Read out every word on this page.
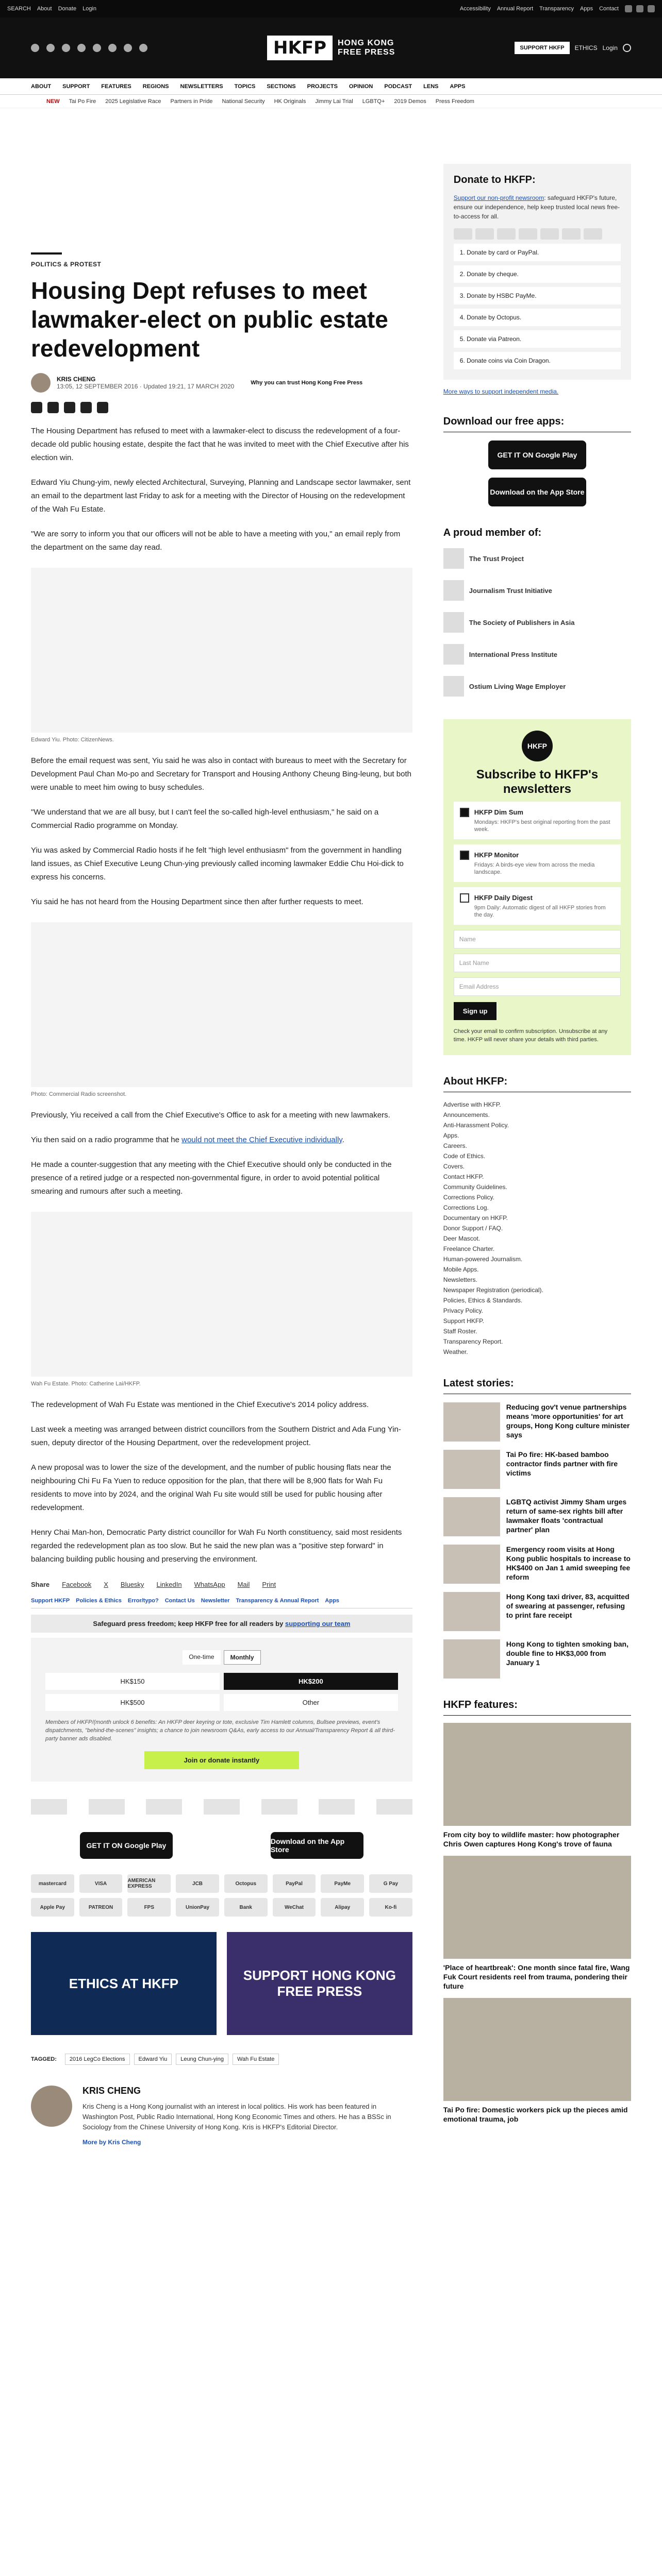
SEARCH About Donate Login	Accessibility Annual Report Transparency Apps Contact
HKFP	HONG KONG
FREE PRESS	SUPPORT HKFP	ETHICS Login
ABOUT SUPPORT FEATURES REGIONS NEWSLETTERS TOPICS SECTIONS PROJECTS OPINION PODCAST LENS APPS
NEW Tai Po Fire 2025 Legislative Race Partners in Pride National Security HK Originals Jimmy Lai Trial LGBTQ+ 2019 Demos Press Freedom
POLITICS & PROTEST
Housing Dept refuses to meet lawmaker-elect on public estate redevelopment
KRIS CHENG
13:05, 12 SEPTEMBER 2016 · Updated 19:21, 17 MARCH 2020	Why you can trust Hong Kong Free Press

The Housing Department has refused to meet with a lawmaker-elect to discuss the redevelopment of a four-decade old public housing estate, despite the fact that he was invited to meet with the Chief Executive after his election win.

Edward Yiu Chung-yim, newly elected Architectural, Surveying, Planning and Landscape sector lawmaker, sent an email to the department last Friday to ask for a meeting with the Director of Housing on the redevelopment of the Wah Fu Estate.

"We are sorry to inform you that our officers will not be able to have a meeting with you," an email reply from the department on the same day read.

Edward Yiu. Photo: CitizenNews.

Before the email request was sent, Yiu said he was also in contact with bureaus to meet with the Secretary for Development Paul Chan Mo-po and Secretary for Transport and Housing Anthony Cheung Bing-leung, but both were unable to meet him owing to busy schedules.

"We understand that we are all busy, but I can't feel the so-called high-level enthusiasm," he said on a Commercial Radio programme on Monday.

Yiu was asked by Commercial Radio hosts if he felt "high level enthusiasm" from the government in handling land issues, as Chief Executive Leung Chun-ying previously called incoming lawmaker Eddie Chu Hoi-dick to express his concerns.

Yiu said he has not heard from the Housing Department since then after further requests to meet.

Photo: Commercial Radio screenshot.

Previously, Yiu received a call from the Chief Executive's Office to ask for a meeting with new lawmakers.

Yiu then said on a radio programme that he would not meet the Chief Executive individually.

He made a counter-suggestion that any meeting with the Chief Executive should only be conducted in the presence of a retired judge or a respected non-governmental figure, in order to avoid potential political smearing and rumours after such a meeting.

Wah Fu Estate. Photo: Catherine Lai/HKFP.

The redevelopment of Wah Fu Estate was mentioned in the Chief Executive's 2014 policy address.

Last week a meeting was arranged between district councillors from the Southern District and Ada Fung Yin-suen, deputy director of the Housing Department, over the redevelopment project.

A new proposal was to lower the size of the development, and the number of public housing flats near the neighbouring Chi Fu Fa Yuen to reduce opposition for the plan, that there will be 8,900 flats for Wah Fu residents to move into by 2024, and the original Wah Fu site would still be used for public housing after redevelopment.

Henry Chai Man-hon, Democratic Party district councillor for Wah Fu North constituency, said most residents regarded the redevelopment plan as too slow. But he said the new plan was a "positive step forward" in balancing building public housing and preserving the environment.

Share Facebook X Bluesky LinkedIn WhatsApp Mail Print
Support HKFP Policies & Ethics Error/typo? Contact Us Newsletter Transparency & Annual Report Apps
Safeguard press freedom; keep HKFP free for all readers by supporting our team
One-time	Monthly
HK$150	HK$200
HK$500	Other
Members of HKFP/(month unlock 6 benefits: An HKFP deer keyring or tote, exclusive Tim Hamlett columns, Bullsee previews, event's dispatchments, "behind-the-scenes" insights; a chance to join newsroom Q&As, early access to our Annual/Transparency Report & all third-party banner ads disabled.
Join or donate instantly
GET IT ON Google Play	Download on the App Store
mastercard	VISA	AMERICAN EXPRESS	JCB	Octopus	PayPal	PayMe	G Pay
Apple Pay	PATREON	FPS	UnionPay	Bank	WeChat	Alipay	Ko-fi
ETHICS AT HKFP
SUPPORT HONG KONG FREE PRESS
TAGGED:	2016 LegCo Elections	Edward Yiu	Leung Chun-ying	Wah Fu Estate
KRIS CHENG

Kris Cheng is a Hong Kong journalist with an interest in local politics. His work has been featured in Washington Post, Public Radio International, Hong Kong Economic Times and others. He has a BSSc in Sociology from the Chinese University of Hong Kong. Kris is HKFP's Editorial Director.

More by Kris Cheng
Donate to HKFP:

Support our non-profit newsroom: safeguard HKFP's future, ensure our independence, help keep trusted local news free-to-access for all.

1. Donate by card or PayPal.
2. Donate by cheque.
3. Donate by HSBC PayMe.
4. Donate by Octopus.
5. Donate via Patreon.
6. Donate coins via Coin Dragon.
More ways to support independent media.
Download our free apps:
GET IT ON Google Play
Download on the App Store
A proud member of:
The Trust Project
Journalism Trust Initiative
The Society of Publishers in Asia
International Press Institute
Ostium Living Wage Employer
HKFP
Subscribe to HKFP's newsletters
HKFP Dim Sum

Mondays: HKFP's best original reporting from the past week.

HKFP Monitor

Fridays: A birds-eye view from across the media landscape.

HKFP Daily Digest

9pm Daily: Automatic digest of all HKFP stories from the day.

Name
Last Name
Email Address
Sign up
Check your email to confirm subscription. Unsubscribe at any time. HKFP will never share your details with third parties.
About HKFP:
Advertise with HKFP.
Announcements.
Anti-Harassment Policy.
Apps.
Careers.
Code of Ethics.
Covers.
Contact HKFP.
Community Guidelines.
Corrections Policy.
Corrections Log.
Documentary on HKFP.
Donor Support / FAQ.
Deer Mascot.
Freelance Charter.
Human-powered Journalism.
Mobile Apps.
Newsletters.
Newspaper Registration (periodical).
Policies, Ethics & Standards.
Privacy Policy.
Support HKFP.
Staff Roster.
Transparency Report.
Weather.
Latest stories:
Reducing gov't venue partnerships means 'more opportunities' for art groups, Hong Kong culture minister says
Tai Po fire: HK-based bamboo contractor finds partner with fire victims
LGBTQ activist Jimmy Sham urges return of same-sex rights bill after lawmaker floats 'contractual partner' plan
Emergency room visits at Hong Kong public hospitals to increase to HK$400 on Jan 1 amid sweeping fee reform
Hong Kong taxi driver, 83, acquitted of swearing at passenger, refusing to print fare receipt
Hong Kong to tighten smoking ban, double fine to HK$3,000 from January 1
HKFP features:
From city boy to wildlife master: how photographer Chris Owen captures Hong Kong's trove of fauna
'Place of heartbreak': One month since fatal fire, Wang Fuk Court residents reel from trauma, pondering their future
Tai Po fire: Domestic workers pick up the pieces amid emotional trauma, job
